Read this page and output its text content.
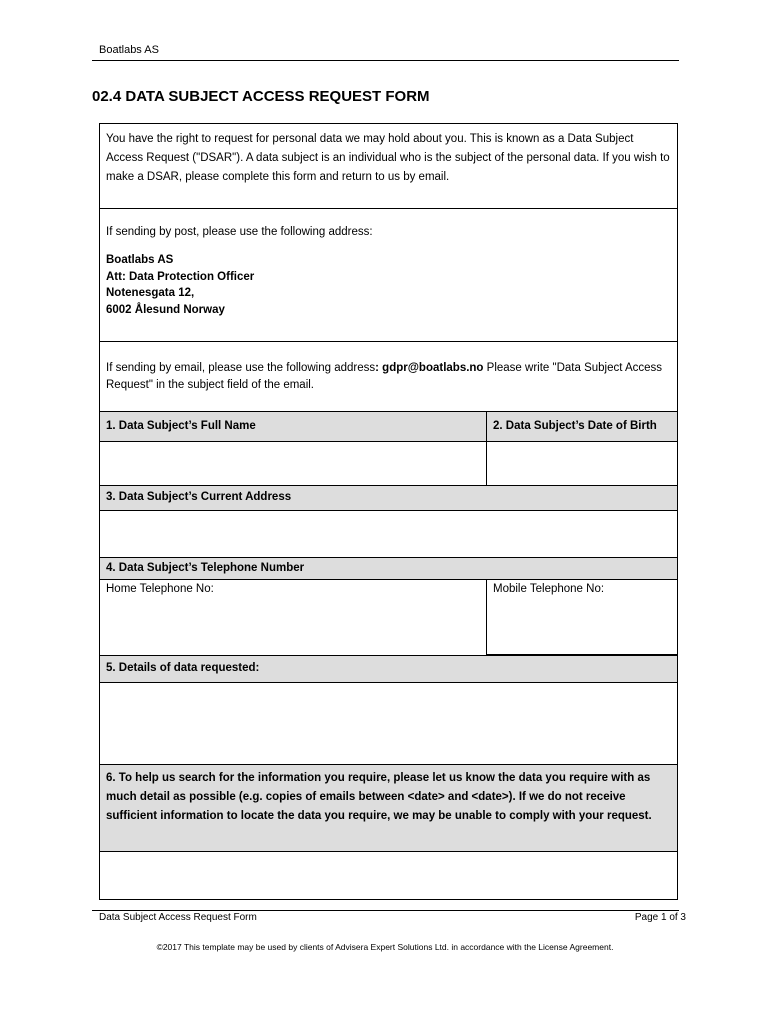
Boatlabs AS
02.4 DATA SUBJECT ACCESS REQUEST FORM
You have the right to request for personal data we may hold about you. This is known as a Data Subject Access Request ("DSAR"). A data subject is an individual who is the subject of the personal data. If you wish to make a DSAR, please complete this form and return to us by email.
If sending by post, please use the following address:
Boatlabs AS
Att: Data Protection Officer
Notenesgata 12,
6002 Ålesund Norway
If sending by email, please use the following address: gdpr@boatlabs.no Please write "Data Subject Access Request" in the subject field of the email.
1. Data Subject’s Full Name	2. Data Subject’s Date of Birth
3. Data Subject’s Current Address
4. Data Subject’s Telephone Number
Home Telephone No:	Mobile Telephone No:
5. Details of data requested:
6. To help us search for the information you require, please let us know the data you require with as much detail as possible (e.g. copies of emails between <date> and <date>). If we do not receive sufficient information to locate the data you require, we may be unable to comply with your request.
Data Subject Access Request Form	Page 1 of 3
©2017 This template may be used by clients of Advisera Expert Solutions Ltd. in accordance with the License Agreement.
